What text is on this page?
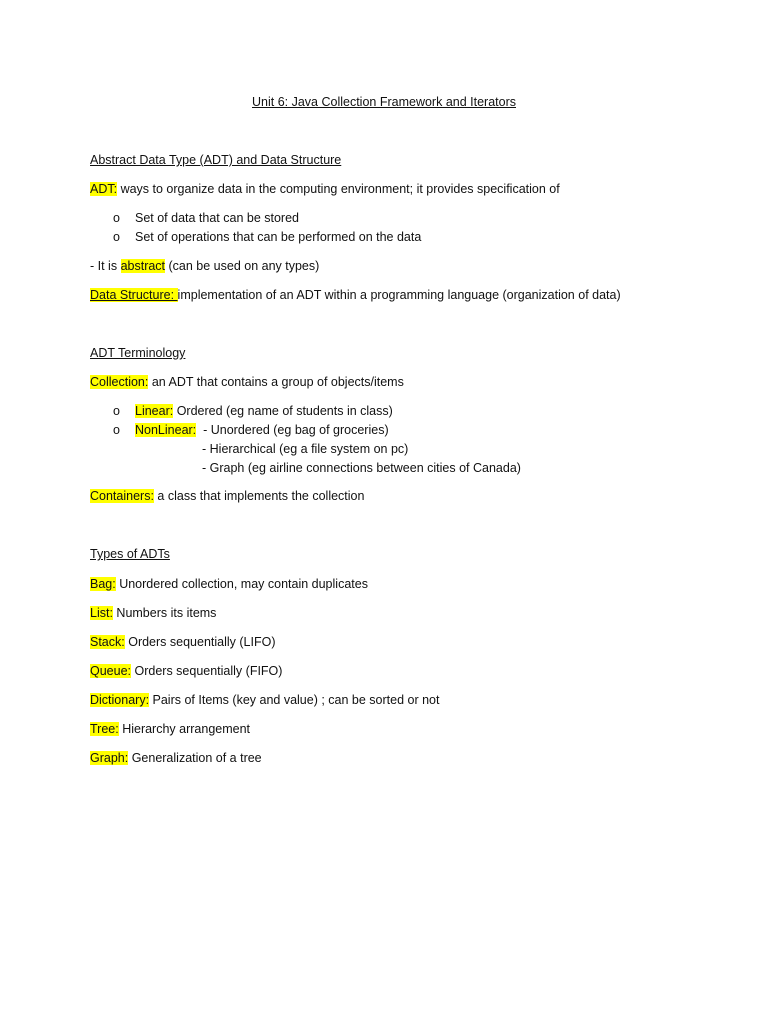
Unit 6: Java Collection Framework and Iterators
Abstract Data Type (ADT) and Data Structure
ADT: ways to organize data in the computing environment; it provides specification of
o Set of data that can be stored
o Set of operations that can be performed on the data
- It is abstract (can be used on any types)
Data Structure: implementation of an ADT within a programming language (organization of data)
ADT Terminology
Collection: an ADT that contains a group of objects/items
o Linear: Ordered (eg name of students in class)
o NonLinear:  - Unordered (eg bag of groceries)
- Hierarchical (eg a file system on pc)
- Graph (eg airline connections between cities of Canada)
Containers: a class that implements the collection
Types of ADTs
Bag: Unordered collection, may contain duplicates
List: Numbers its items
Stack: Orders sequentially (LIFO)
Queue: Orders sequentially (FIFO)
Dictionary: Pairs of Items (key and value) ; can be sorted or not
Tree: Hierarchy arrangement
Graph: Generalization of a tree
